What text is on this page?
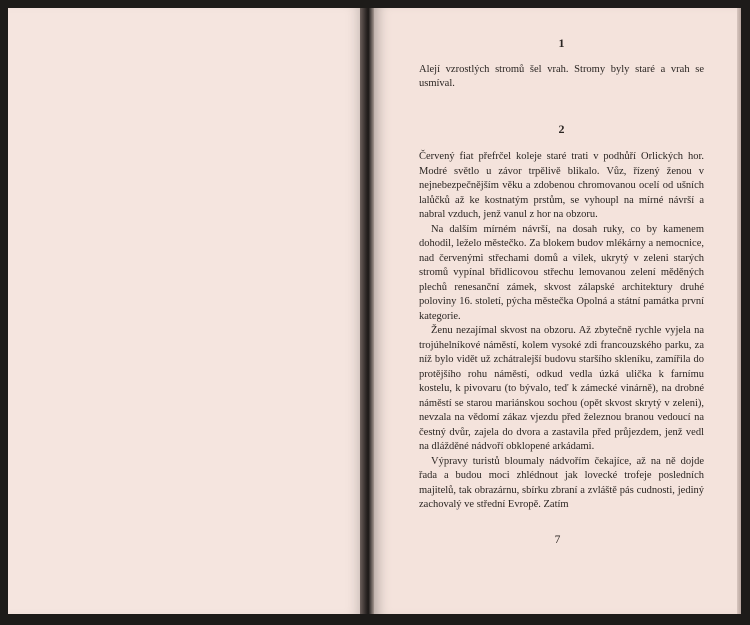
1

Alejí vzrostlých stromů šel vrah. Stromy byly staré a vrah se usmíval.

2

Červený fiat přefrčel koleje staré trati v podhůří Orlických hor. Modré světlo u závor trpělivě blikalo. Vůz, řízený ženou v nejnebezpečnějším věku a zdobenou chromovanou ocelí od ušních lalůčků až ke kostnatým prstům, se vyhoupl na mírné návrší a nabral vzduch, jenž vanul z hor na obzoru.

Na dalším mírném návrší, na dosah ruky, co by kamenem dohodil, leželo městečko. Za blokem budov mlékárny a nemocnice, nad červenými střechami domů a vilek, ukrytý v zeleni starých stromů vypínal břidlicovou střechu lemovanou zelení měděných plechů renesanční zámek, skvost zálapské architektury druhé poloviny 16. století, pýcha městečka Opolná a státní památka první kategorie.

Ženu nezajímal skvost na obzoru. Až zbytečně rychle vyjela na trojúhelníkové náměstí, kolem vysoké zdi francouzského parku, za níž bylo vidět už zchátralejší budovu staršího skleníku, zamířila do protějšího rohu náměstí, odkud vedla úzká ulička k farnímu kostelu, k pivovaru (to bývalo, teď k zámecké vinárně), na drobné náměstí se starou mariánskou sochou (opět skvost skrytý v zeleni), nevzala na vědomí zákaz vjezdu před železnou branou vedoucí na čestný dvůr, zajela do dvora a zastavila před průjezdem, jenž vedl na dlážděné nádvoří obklopené arkádami.

Výpravy turistů bloumaly nádvořím čekajíce, až na ně dojde řada a budou moci zhlédnout jak lovecké trofeje posledních majitelů, tak obrazárnu, sbírku zbraní a zvláště pás cudnosti, jediný zachovalý ve střední Evropě. Zatím

7
